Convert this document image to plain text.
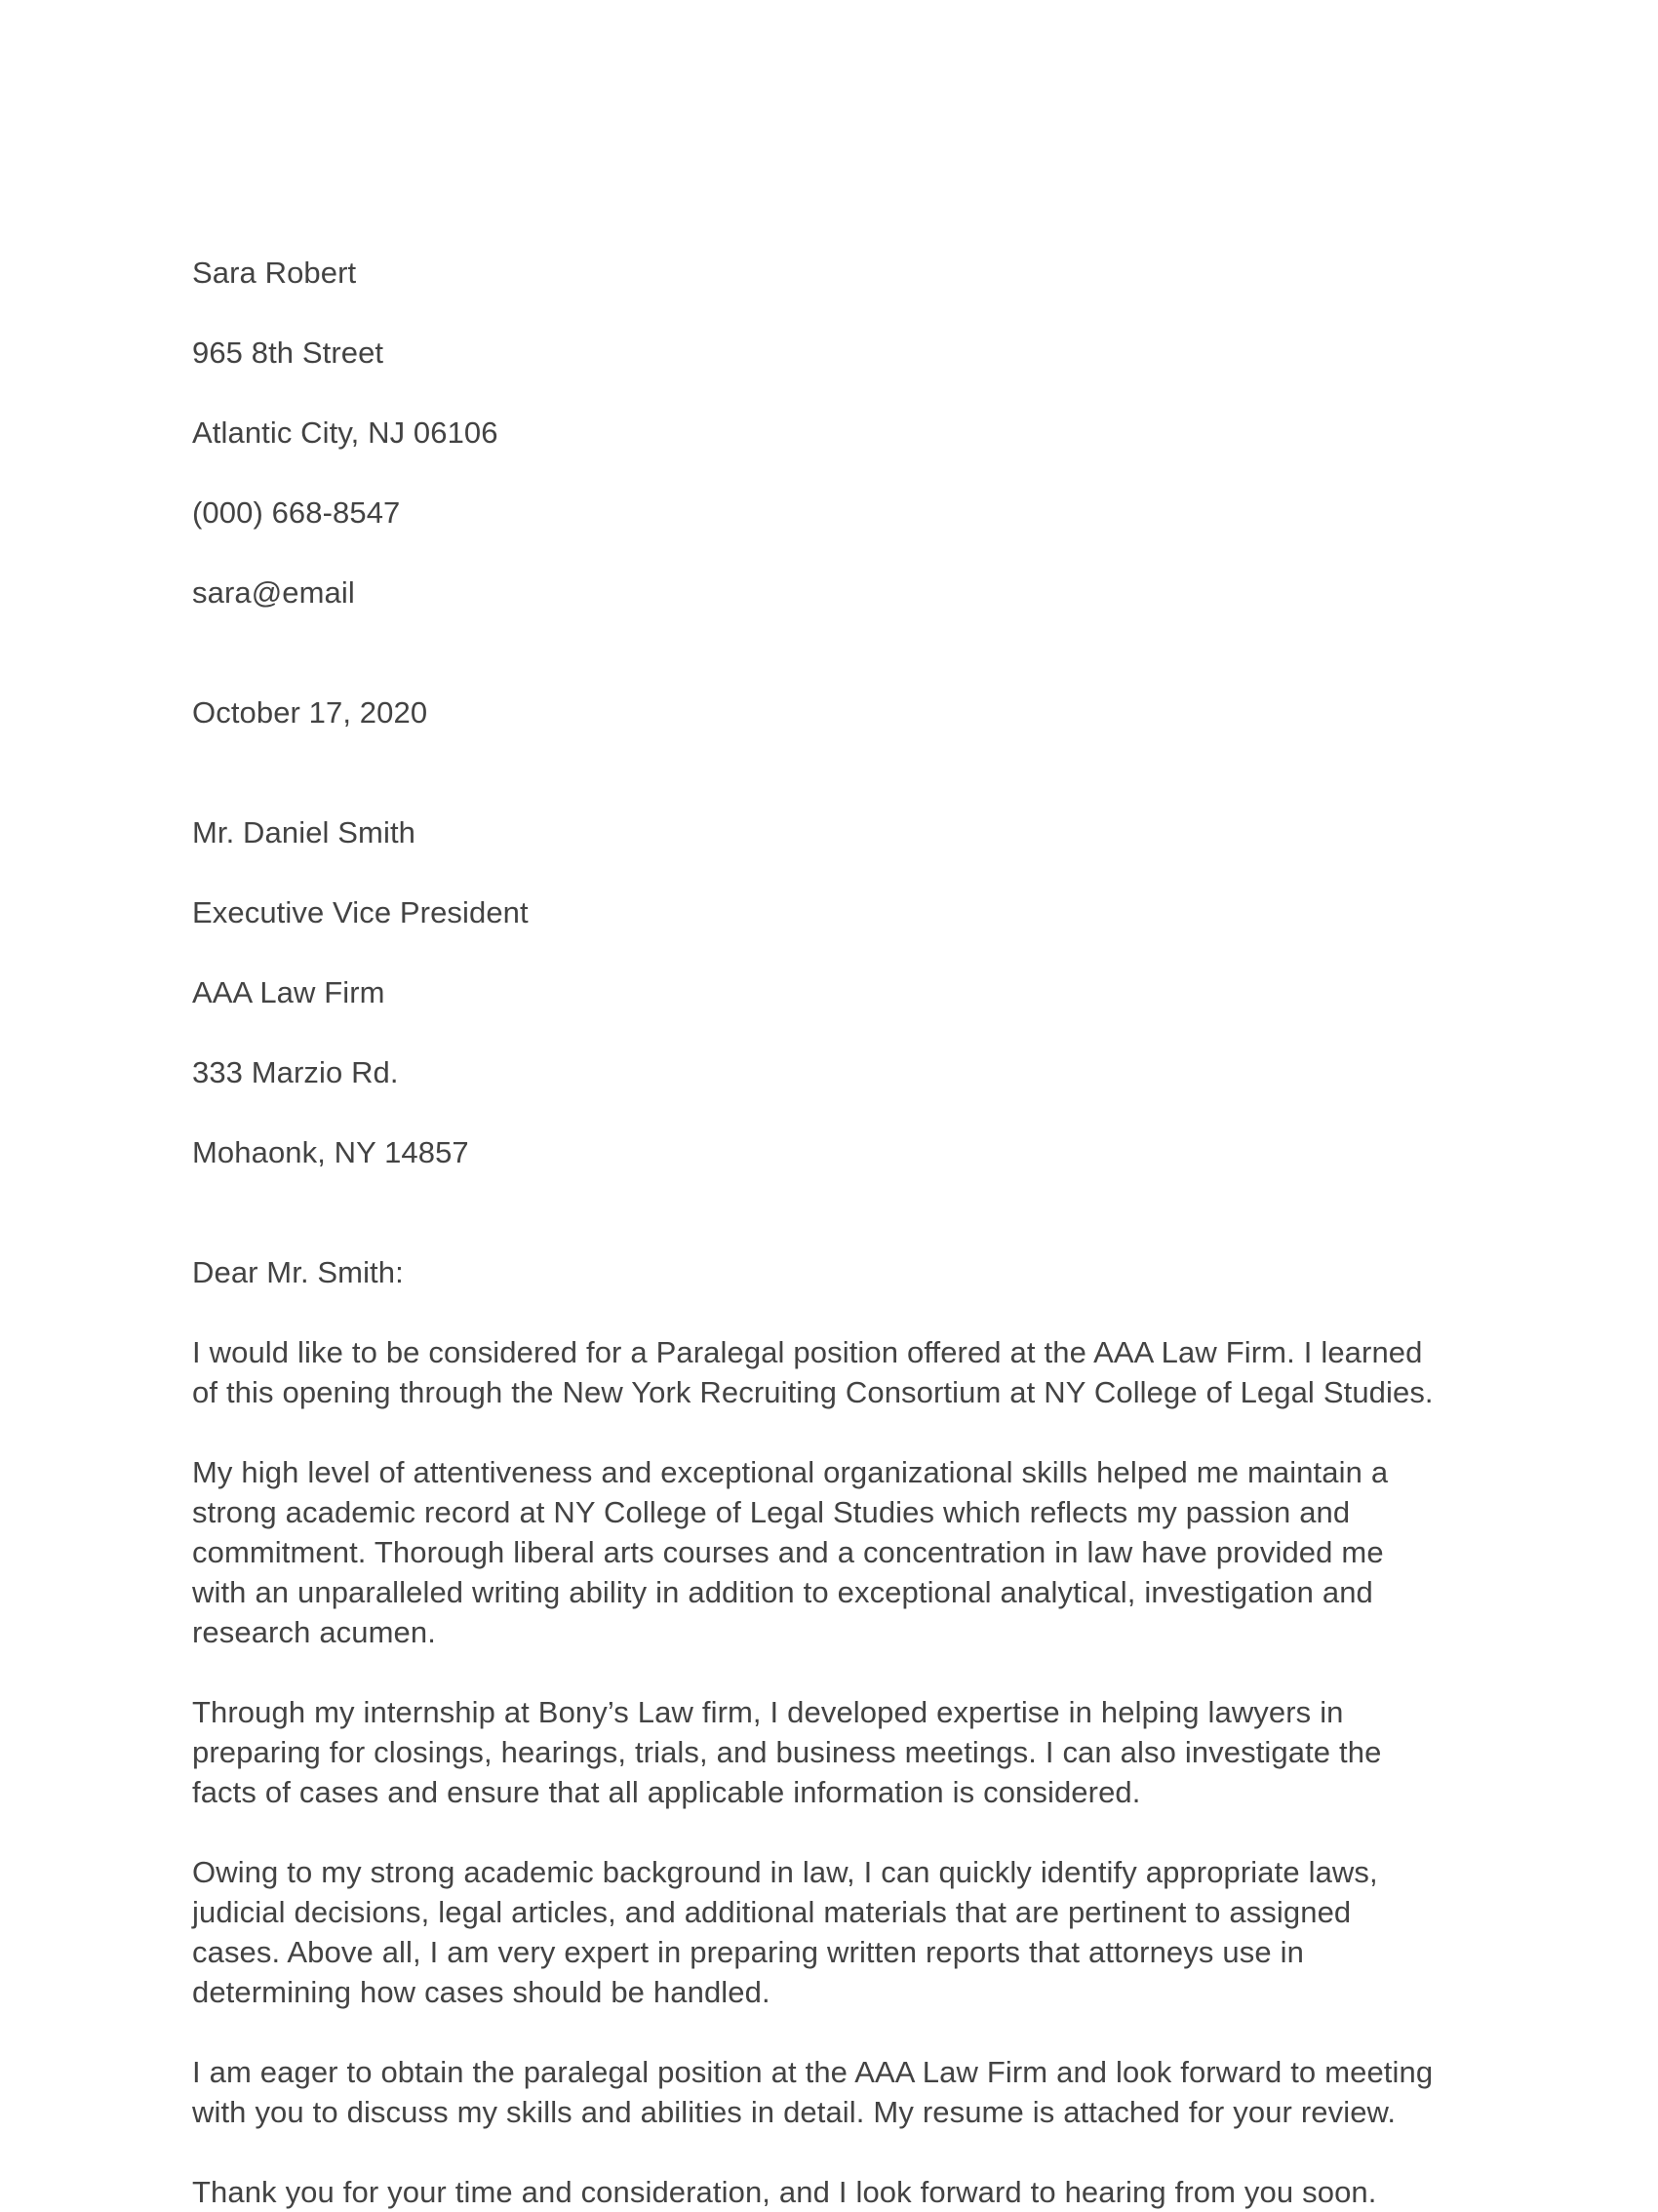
Sara Robert

965 8th Street

Atlantic City, NJ 06106

(000) 668-8547

sara@email

October 17, 2020

Mr. Daniel Smith

Executive Vice President

AAA Law Firm

333 Marzio Rd.

Mohaonk, NY 14857

Dear Mr. Smith:

I would like to be considered for a Paralegal position offered at the AAA Law Firm. I learned of this opening through the New York Recruiting Consortium at NY College of Legal Studies.

My high level of attentiveness and exceptional organizational skills helped me maintain a strong academic record at NY College of Legal Studies which reflects my passion and commitment. Thorough liberal arts courses and a concentration in law have provided me with an unparalleled writing ability in addition to exceptional analytical, investigation and research acumen.

Through my internship at Bony’s Law firm, I developed expertise in helping lawyers in preparing for closings, hearings, trials, and business meetings. I can also investigate the facts of cases and ensure that all applicable information is considered.

Owing to my strong academic background in law, I can quickly identify appropriate laws, judicial decisions, legal articles, and additional materials that are pertinent to assigned cases. Above all, I am very expert in preparing written reports that attorneys use in determining how cases should be handled.

I am eager to obtain the paralegal position at the AAA Law Firm and look forward to meeting with you to discuss my skills and abilities in detail. My resume is attached for your review.

Thank you for your time and consideration, and I look forward to hearing from you soon.
